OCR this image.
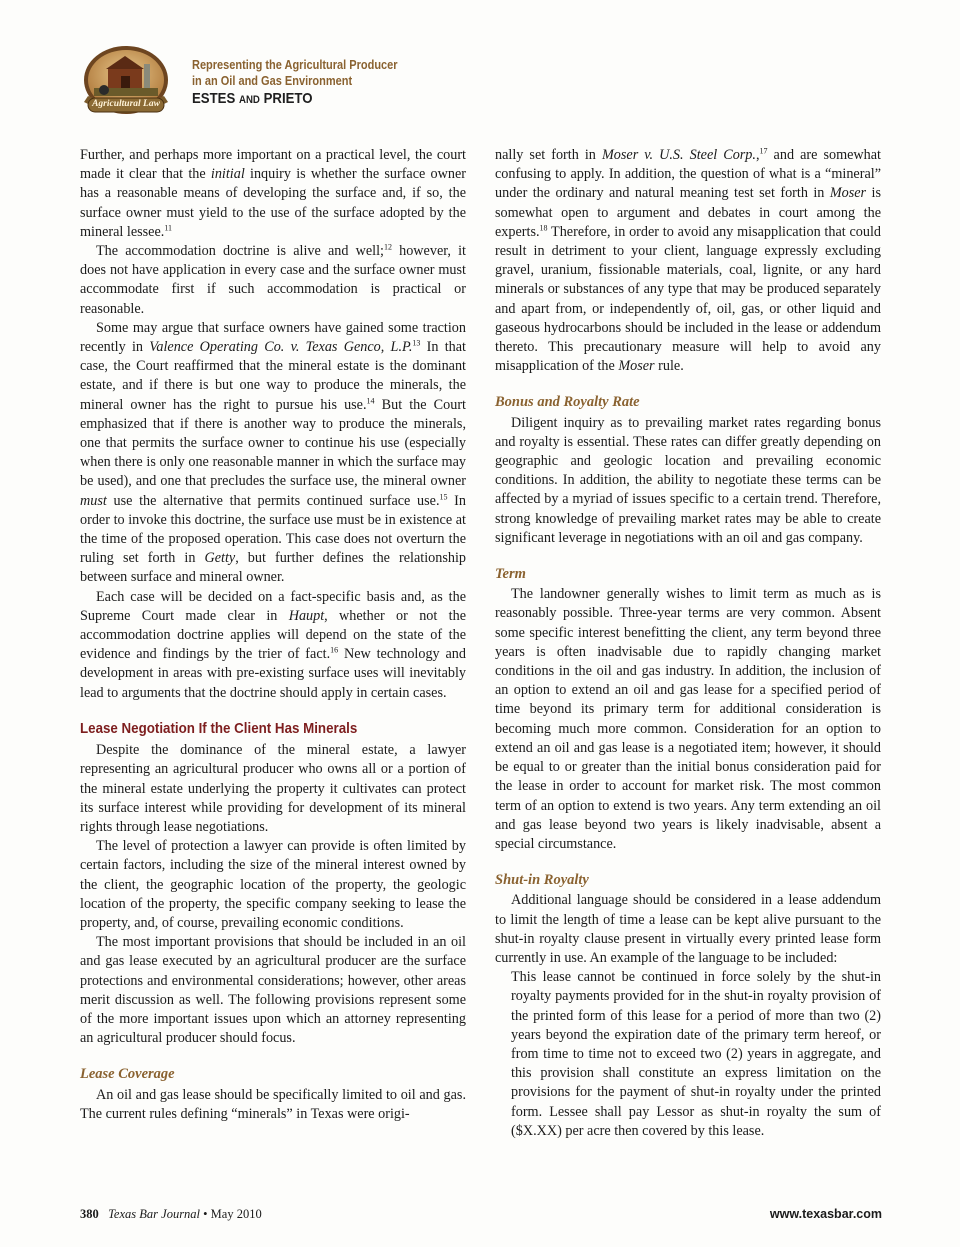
Agricultural Law
Representing the Agricultural Producer
in an Oil and Gas Environment
ESTES AND PRIETO

Further, and perhaps more important on a practical level, the court made it clear that the initial inquiry is whether the surface owner has a reasonable means of developing the surface and, if so, the surface owner must yield to the use of the surface adopted by the mineral lessee.$^{11}$

The accommodation doctrine is alive and well;$^{12}$ however, it does not have application in every case and the surface owner must accommodate first if such accommodation is practical or reasonable.

Some may argue that surface owners have gained some traction recently in Valence Operating Co. v. Texas Genco, L.P.$^{13}$ In that case, the Court reaffirmed that the mineral estate is the dominant estate, and if there is but one way to produce the minerals, the mineral owner has the right to pursue his use.$^{14}$ But the Court emphasized that if there is another way to produce the minerals, one that permits the surface owner to continue his use (especially when there is only one reasonable manner in which the surface may be used), and one that precludes the surface use, the mineral owner must use the alternative that permits continued surface use.$^{15}$ In order to invoke this doctrine, the surface use must be in existence at the time of the proposed operation. This case does not overturn the ruling set forth in Getty, but further defines the relationship between surface and mineral owner.

Each case will be decided on a fact-specific basis and, as the Supreme Court made clear in Haupt, whether or not the accommodation doctrine applies will depend on the state of the evidence and findings by the trier of fact.$^{16}$ New technology and development in areas with pre-existing surface uses will inevitably lead to arguments that the doctrine should apply in certain cases.

Lease Negotiation If the Client Has Minerals

Despite the dominance of the mineral estate, a lawyer representing an agricultural producer who owns all or a portion of the mineral estate underlying the property it cultivates can protect its surface interest while providing for development of its mineral rights through lease negotiations.

The level of protection a lawyer can provide is often limited by certain factors, including the size of the mineral interest owned by the client, the geographic location of the property, the geologic location of the property, the specific company seeking to lease the property, and, of course, prevailing economic conditions.

The most important provisions that should be included in an oil and gas lease executed by an agricultural producer are the surface protections and environmental considerations; however, other areas merit discussion as well. The following provisions represent some of the more important issues upon which an attorney representing an agricultural producer should focus.

Lease Coverage

An oil and gas lease should be specifically limited to oil and gas. The current rules defining “minerals” in Texas were origi-

nally set forth in Moser v. U.S. Steel Corp.,$^{17}$ and are somewhat confusing to apply. In addition, the question of what is a “mineral” under the ordinary and natural meaning test set forth in Moser is somewhat open to argument and debates in court among the experts.$^{18}$ Therefore, in order to avoid any misapplication that could result in detriment to your client, language expressly excluding gravel, uranium, fissionable materials, coal, lignite, or any hard minerals or substances of any type that may be produced separately and apart from, or independently of, oil, gas, or other liquid and gaseous hydrocarbons should be included in the lease or addendum thereto. This precautionary measure will help to avoid any misapplication of the Moser rule.

Bonus and Royalty Rate

Diligent inquiry as to prevailing market rates regarding bonus and royalty is essential. These rates can differ greatly depending on geographic and geologic location and prevailing economic conditions. In addition, the ability to negotiate these terms can be affected by a myriad of issues specific to a certain trend. Therefore, strong knowledge of prevailing market rates may be able to create significant leverage in negotiations with an oil and gas company.

Term

The landowner generally wishes to limit term as much as is reasonably possible. Three-year terms are very common. Absent some specific interest benefitting the client, any term beyond three years is often inadvisable due to rapidly changing market conditions in the oil and gas industry. In addition, the inclusion of an option to extend an oil and gas lease for a specified period of time beyond its primary term for additional consideration is becoming much more common. Consideration for an option to extend an oil and gas lease is a negotiated item; however, it should be equal to or greater than the initial bonus consideration paid for the lease in order to account for market risk. The most common term of an option to extend is two years. Any term extending an oil and gas lease beyond two years is likely inadvisable, absent a special circumstance.

Shut-in Royalty

Additional language should be considered in a lease addendum to limit the length of time a lease can be kept alive pursuant to the shut-in royalty clause present in virtually every printed lease form currently in use. An example of the language to be included:

This lease cannot be continued in force solely by the shut-in royalty payments provided for in the shut-in royalty provision of the printed form of this lease for a period of more than two (2) years beyond the expiration date of the primary term hereof, or from time to time not to exceed two (2) years in aggregate, and this provision shall constitute an express limitation on the provisions for the payment of shut-in royalty under the printed form. Lessee shall pay Lessor as shut-in royalty the sum of ($X.XX) per acre then covered by this lease.

380 Texas Bar Journal • May 2010	www.texasbar.com
